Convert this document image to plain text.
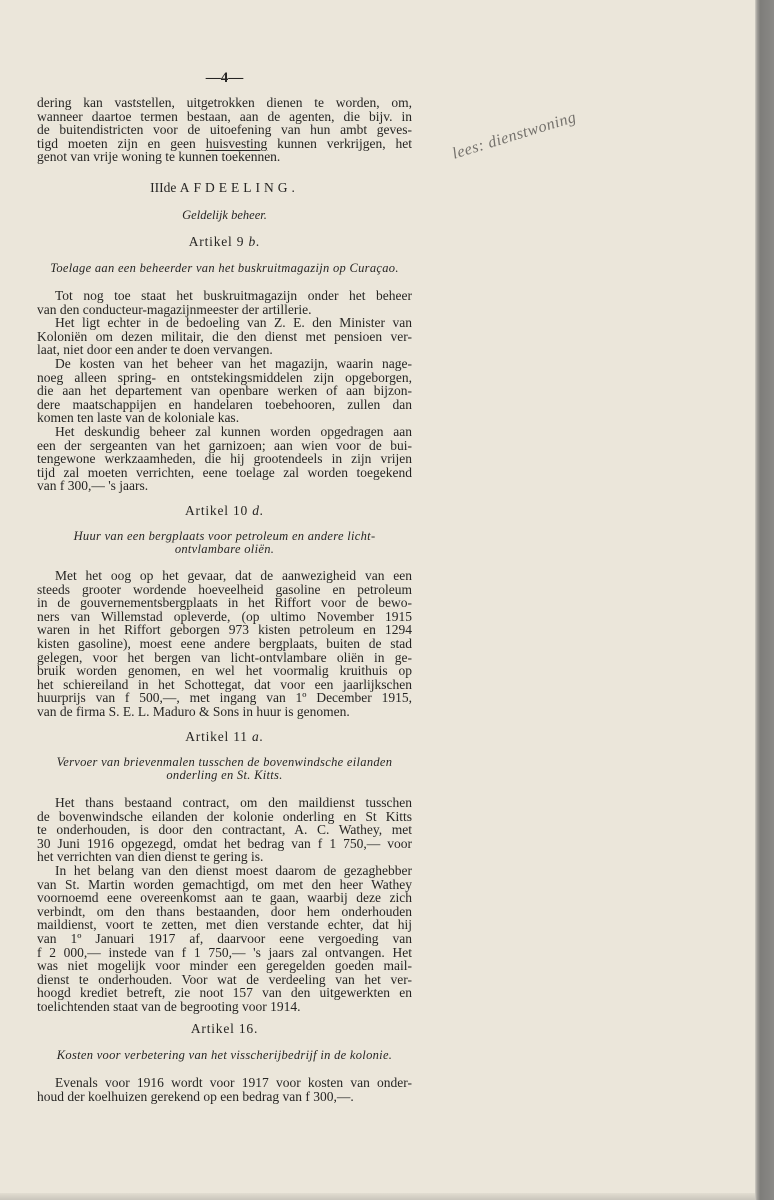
—4—
dering kan vaststellen, uitgetrokken dienen te worden, om,
wanneer daartoe termen bestaan, aan de agenten, die bijv. in
de buitendistricten voor de uitoefening van hun ambt geves-
tigd moeten zijn en geen huisvesting kunnen verkrijgen, het
genot van vrije woning te kunnen toekennen.
IIIde AFDEELING.
Geldelijk beheer.
Artikel 9 b.
Toelage aan een beheerder van het buskruitmagazijn op Curaçao.
Tot nog toe staat het buskruitmagazijn onder het beheer
van den conducteur-magazijnmeester der artillerie.
Het ligt echter in de bedoeling van Z. E. den Minister van
Koloniën om dezen militair, die den dienst met pensioen ver-
laat, niet door een ander te doen vervangen.
De kosten van het beheer van het magazijn, waarin nage-
noeg alleen spring- en ontstekingsmiddelen zijn opgeborgen,
die aan het departement van openbare werken of aan bijzon-
dere maatschappijen en handelaren toebehooren, zullen dan
komen ten laste van de koloniale kas.
Het deskundig beheer zal kunnen worden opgedragen aan
een der sergeanten van het garnizoen; aan wien voor de bui-
tengewone werkzaamheden, die hij grootendeels in zijn vrijen
tijd zal moeten verrichten, eene toelage zal worden toegekend
van f 300,— 's jaars.
Artikel 10 d.
Huur van een bergplaats voor petroleum en andere licht-
ontvlambare oliën.
Met het oog op het gevaar, dat de aanwezigheid van een
steeds grooter wordende hoeveelheid gasoline en petroleum
in de gouvernementsbergplaats in het Riffort voor de bewo-
ners van Willemstad opleverde, (op ultimo November 1915
waren in het Riffort geborgen 973 kisten petroleum en 1294
kisten gasoline), moest eene andere bergplaats, buiten de stad
gelegen, voor het bergen van licht-ontvlambare oliën in ge-
bruik worden genomen, en wel het voormalig kruithuis op
het schiereiland in het Schottegat, dat voor een jaarlijkschen
huurprijs van f 500,—, met ingang van 1º December 1915,
van de firma S. E. L. Maduro & Sons in huur is genomen.
Artikel 11 a.
Vervoer van brievenmalen tusschen de bovenwindsche eilanden
onderling en St. Kitts.
Het thans bestaand contract, om den maildienst tusschen
de bovenwindsche eilanden der kolonie onderling en St Kitts
te onderhouden, is door den contractant, A. C. Wathey, met
30 Juni 1916 opgezegd, omdat het bedrag van f 1 750,— voor
het verrichten van dien dienst te gering is.
In het belang van den dienst moest daarom de gezaghebber
van St. Martin worden gemachtigd, om met den heer Wathey
voornoemd eene overeenkomst aan te gaan, waarbij deze zich
verbindt, om den thans bestaanden, door hem onderhouden
maildienst, voort te zetten, met dien verstande echter, dat hij
van 1º Januari 1917 af, daarvoor eene vergoeding van
f 2 000,— instede van f 1 750,— 's jaars zal ontvangen. Het
was niet mogelijk voor minder een geregelden goeden mail-
dienst te onderhouden. Voor wat de verdeeling van het ver-
hoogd krediet betreft, zie noot 157 van den uitgewerkten en
toelichtenden staat van de begrooting voor 1914.
Artikel 16.
Kosten voor verbetering van het visscherijbedrijf in de kolonie.
Evenals voor 1916 wordt voor 1917 voor kosten van onder-
houd der koelhuizen gerekend op een bedrag van f 300,—.
lees: dienstwoning
